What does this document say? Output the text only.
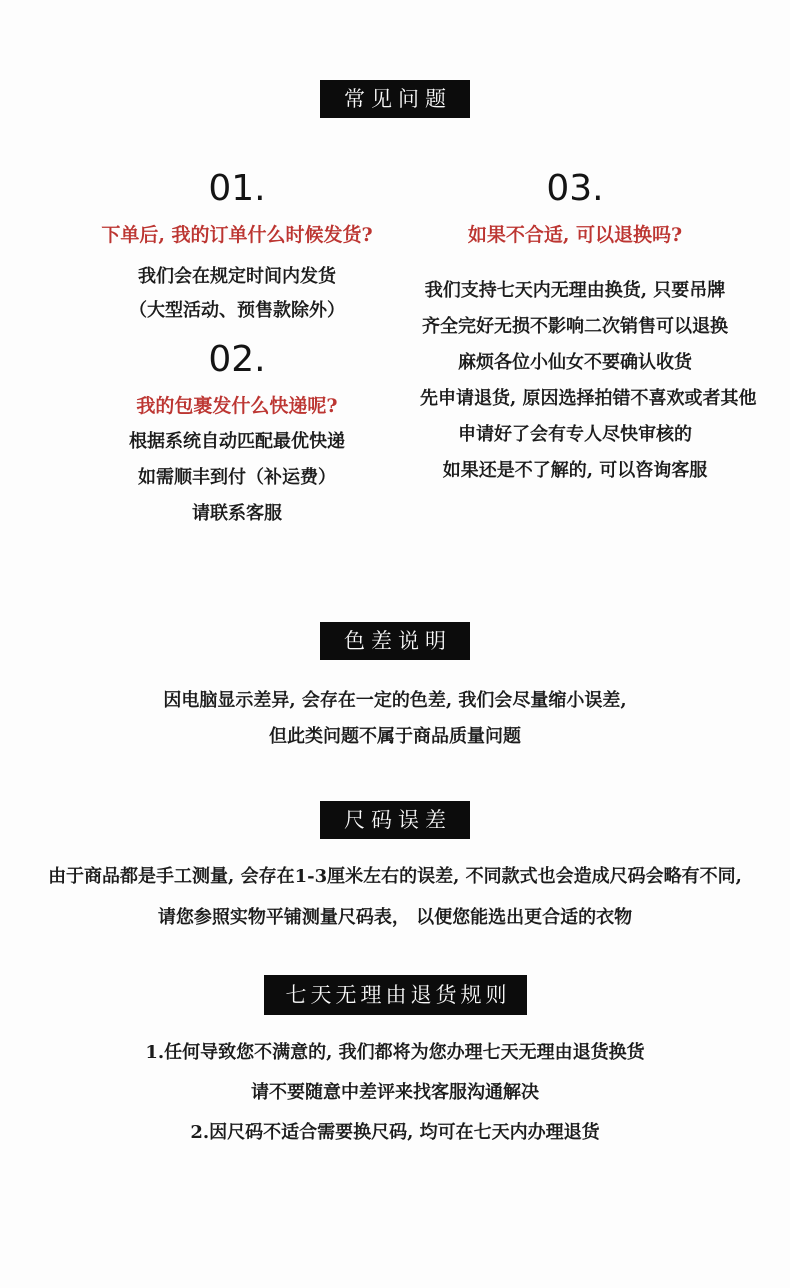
常见问题
01.
下单后, 我的订单什么时候发货?
我们会在规定时间内发货
（大型活动、预售款除外）
02.
我的包裹发什么快递呢?
根据系统自动匹配最优快递
如需顺丰到付（补运费）
请联系客服
03.
如果不合适, 可以退换吗?
我们支持七天内无理由换货, 只要吊牌
齐全完好无损不影响二次销售可以退换
麻烦各位小仙女不要确认收货
先申请退货, 原因选择拍错不喜欢或者其他
申请好了会有专人尽快审核的
如果还是不了解的, 可以咨询客服
色差说明
因电脑显示差异, 会存在一定的色差, 我们会尽量缩小误差,
但此类问题不属于商品质量问题
尺码误差
由于商品都是手工测量, 会存在1-3厘米左右的误差, 不同款式也会造成尺码会略有不同,
请您参照实物平铺测量尺码表， 以便您能选出更合适的衣物
七天无理由退货规则
1.任何导致您不满意的, 我们都将为您办理七天无理由退货换货
请不要随意中差评来找客服沟通解决
2.因尺码不适合需要换尺码, 均可在七天内办理退货
